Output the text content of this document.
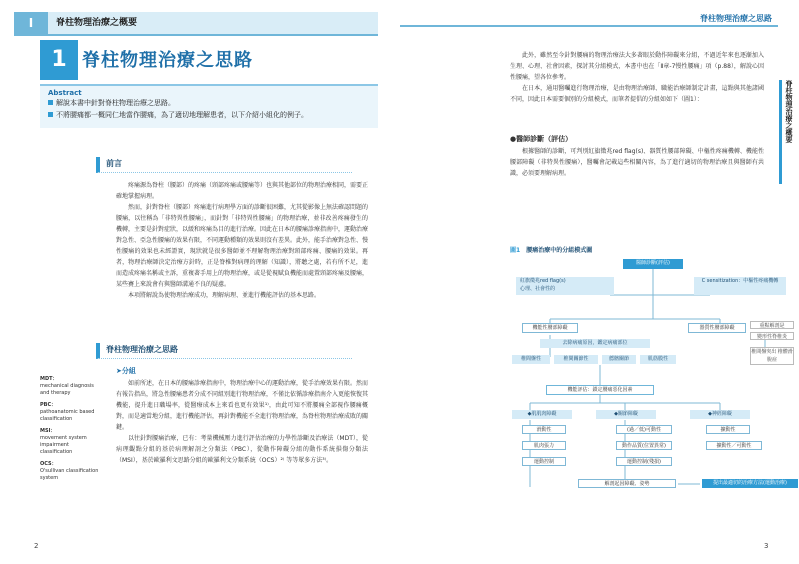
I	脊柱物理治療之概要
1 脊柱物理治療之思路
Abstract
解說本書中針對脊柱物理治療之思路。
不將腰痛都一概同仁地當作腰痛，為了適切地理解患者，以下介紹小組化的例子。
前言

疼痛源為脊柱（腰部）的疼痛（頸部疼痛或腰痛等）也與其他部位的物理治療相同，需要正確地掌握病理。

然而，針對脊柱（腰部）疼痛進行病理學方面的診斷很困難，尤其從影像上無法確認問題的腰痛，以往稱為「非特異性腰痛」，而針對「非特異性腰痛」的物理治療，並非改善疼痛發生的機轉，主要是針對症狀，以緩和疼痛為目的進行治療。因此在日本的腰痛診療指南中，運動治療對急性、亞急性腰痛的效果有限，不同運動種類的效果則沒有差異。此外，能手治療對急性、慢性腰痛的效果也未經證實，現狀就是很多醫師並不理解物理治療對頸部疼痛、腰痛的效果。再者，物理治療師決定治療方針時，正是脊椎對病理的理解（知識），將聽之處，若有所不足，進而造成疼痛名稱或主訴，重複著手用上的物理治療，或是從視賦負機能而處置頸部疼痛及腰痛，某些賽上來說會有與醫師溝通不良的疑慮。

本項將解說為使物理治療成功，理解病理、並進行機能評估的基本思路。

脊柱物理治療之思路
➤分組

如前所述，在日本的腰痛診療指南中，物理治療中心的運動治療，從手治療效果有限。然而有報告指出，將急性腰痛患者分成不同組別進行物理治療，不僅比依循診療指南介入更能恢復其機能，提升進日職場率，從醫療成本上來看也更有效果¹⁾，由此可知不將腰痛全部視作腰痛概對，而是適當地分組，進行機能評估，再針對機能不全進行物理治療，為脊柱物理治療成敗的關鍵。

以往針對腰痛治療，已有：考量機械壓力進行評估治療的力學性診斷及治療法（MDT），從病理觀點分組的基於病理解剖之分類法（PBC），從動作障礙分組的動作系統損傷分類法（MSI），基於歐羅利文思路分組的歐羅利文分類系統（OCS）²⁾ 等等眾多方法³⁾。

MDT：
mechanical diagnosis and therapy
PBC：
pathoanatomic based classification
MSI：
movement system impairment classification
OCS：
O'sullivan classification system
2
脊柱物理治療之思路
脊柱物理治療之概要

此外，雖然至今針對腰痛的物理治療法大多著眼於動作障礙來分組，不過近年來也逐漸加入生理、心理、社會因素，探討其分組模式，本書中也在「Ⅱ章-7慢性腰痛」項（p.88），解說心因性腰痛，望各位參考。

在日本，通用醫囑進行物理治療，是由物理治療師、職能治療師制定計畫，這點與其他諸國不同，因此日本需要個別的分組模式，而筆者提倡的分組如如下（圖1）：

●醫師診斷（評估）

根據醫師的診斷，可判別紅旗徵兆red flag(s)、器質性腰部障礙、中樞性疼痛機轉、機能性腰部障礙（非特異性腰痛），醫囑會記載這些相關內容，為了進行適切的物理治療且與醫師有共識，必須要理解病理。

圖1 腰痛治療中的分組模式圖
醫師診斷(評估)
紅旗徵兆red flag(s)
心理、社會性的
C sensitization：中樞性疼痛機轉
機能性腰部障礙	器質性腰部障礙	重點解剖是
變形性脊椎炎
椎間盤突出 椎體滑脫症
去除病痛原因，鑑定病痛部位
椎間盤性	椎間關節性	薦髂關節	肌筋膜性
機能評估：鎖定腰痛惡化因素
◆肌肌肉障礙	◆關節障礙	◆神經障礙
滑動性
肌肉張力
運動控制
(過／低)可動性
動作品質(位置異常)
運動控制(殘損)
擴動性
擴動性／可動性
解剖起因障礙、姿勢	提出最適切的治療方法(運動治療)
3
